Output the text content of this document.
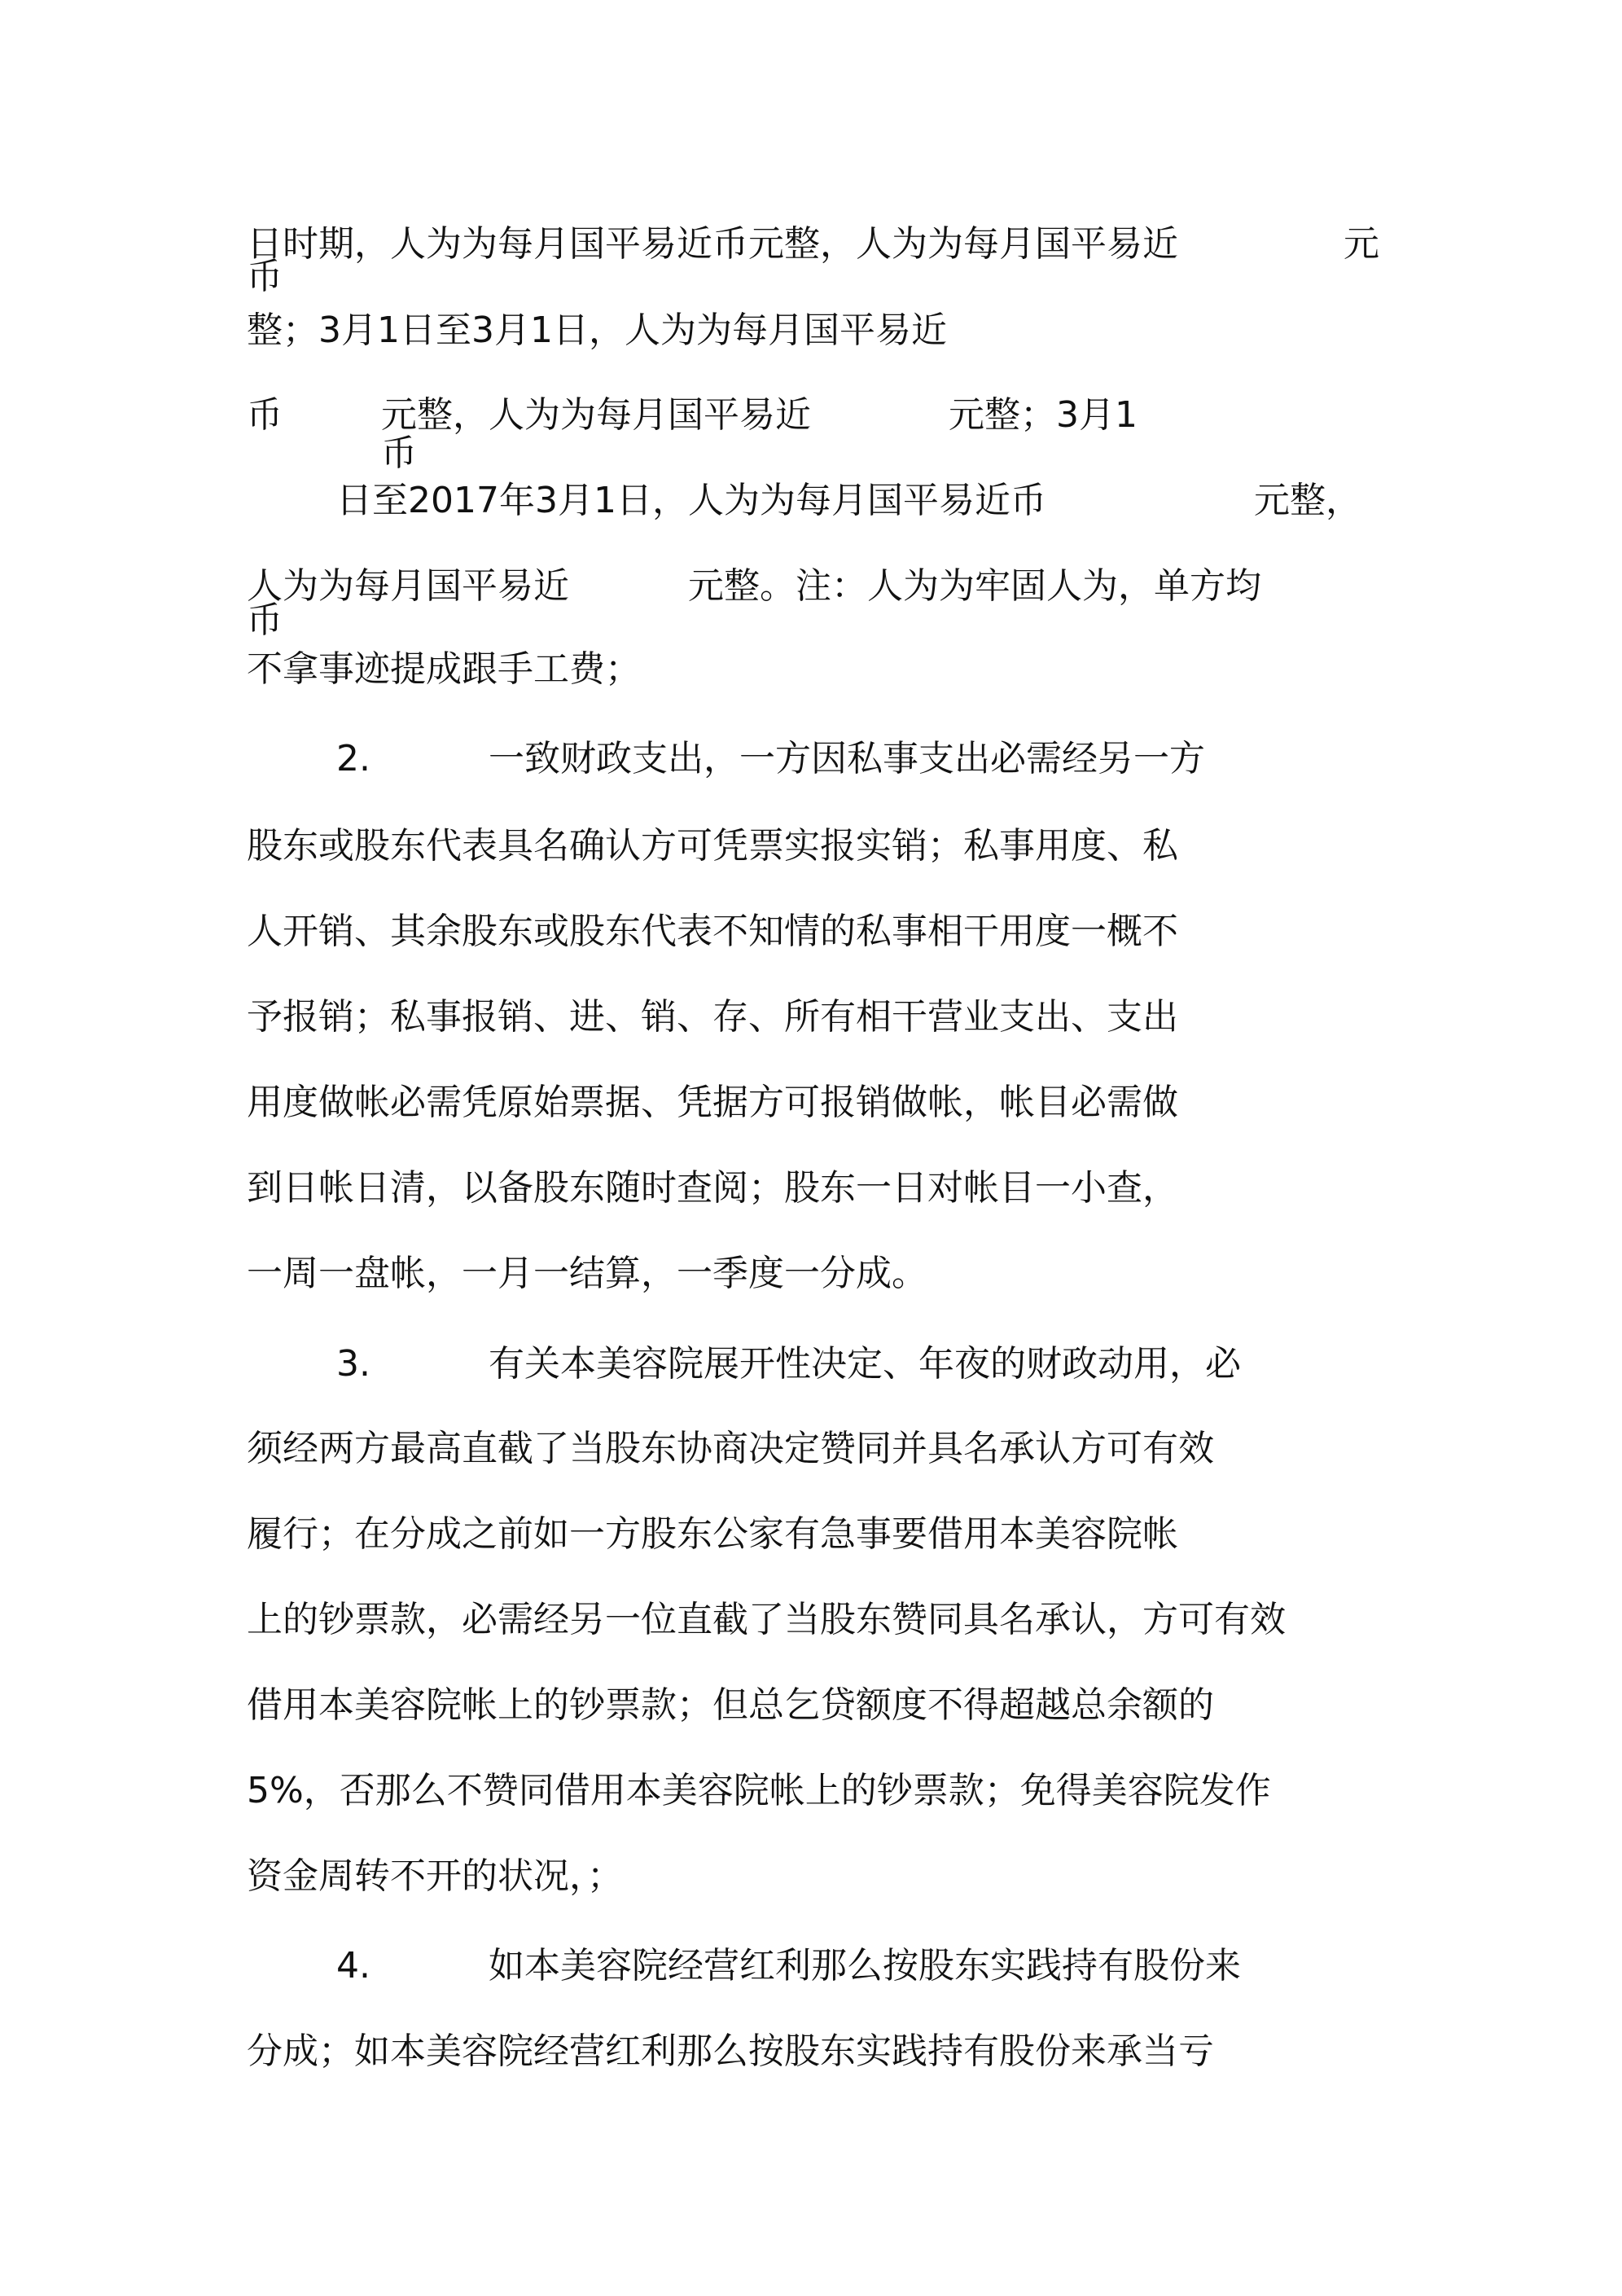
日时期，人为为每月国平易近币元整，人为为每月国平易近	元
币
整；3月1日至3月1日，人为为每月国平易近
币	元整，人为为每月国平易近	元整；3月1
币
日至2017年3月1日，人为为每月国平易近币	元整，
人为为每月国平易近	元整。注：人为为牢固人为，单方均
币
不拿事迹提成跟手工费；
2.	一致财政支出，一方因私事支出必需经另一方
股东或股东代表具名确认方可凭票实报实销；私事用度、私
人开销、其余股东或股东代表不知情的私事相干用度一概不
予报销；私事报销、进、销、存、所有相干营业支出、支出
用度做帐必需凭原始票据、凭据方可报销做帐，帐目必需做
到日帐日清，以备股东随时查阅；股东一日对帐目一小查，
一周一盘帐，一月一结算，一季度一分成。
3.	有关本美容院展开性决定、年夜的财政动用，必
须经两方最高直截了当股东协商决定赞同并具名承认方可有效
履行；在分成之前如一方股东公家有急事要借用本美容院帐
上的钞票款，必需经另一位直截了当股东赞同具名承认，方可有效
借用本美容院帐上的钞票款；但总乞贷额度不得超越总余额的
5%，否那么不赞同借用本美容院帐上的钞票款；免得美容院发作
资金周转不开的状况，；
4.	如本美容院经营红利那么按股东实践持有股份来
分成；如本美容院经营红利那么按股东实践持有股份来承当亏
